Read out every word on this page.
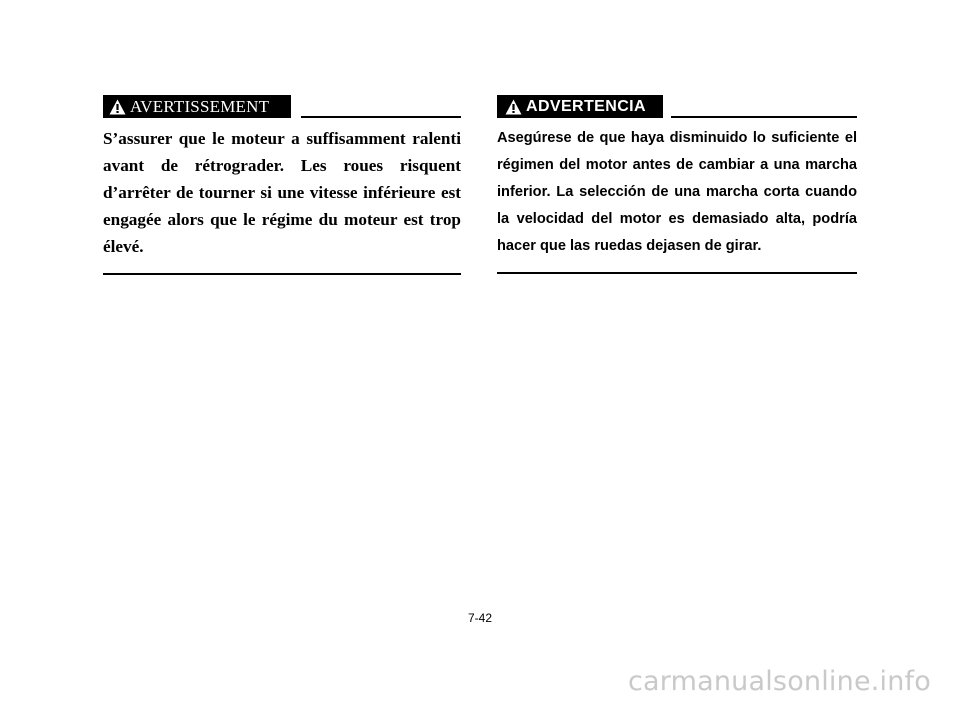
AVERTISSEMENT

S’assurer que le moteur a suffisamment ralenti avant de rétrograder. Les roues risquent d’arrêter de tourner si une vitesse inférieure est engagée alors que le régime du moteur est trop élevé.

ADVERTENCIA

Asegúrese de que haya disminuido lo suficiente el régimen del motor antes de cambiar a una marcha inferior. La selección de una marcha corta cuando la velocidad del motor es demasiado alta, podría hacer que las ruedas dejasen de girar.

7-42
carmanualsonline.info
